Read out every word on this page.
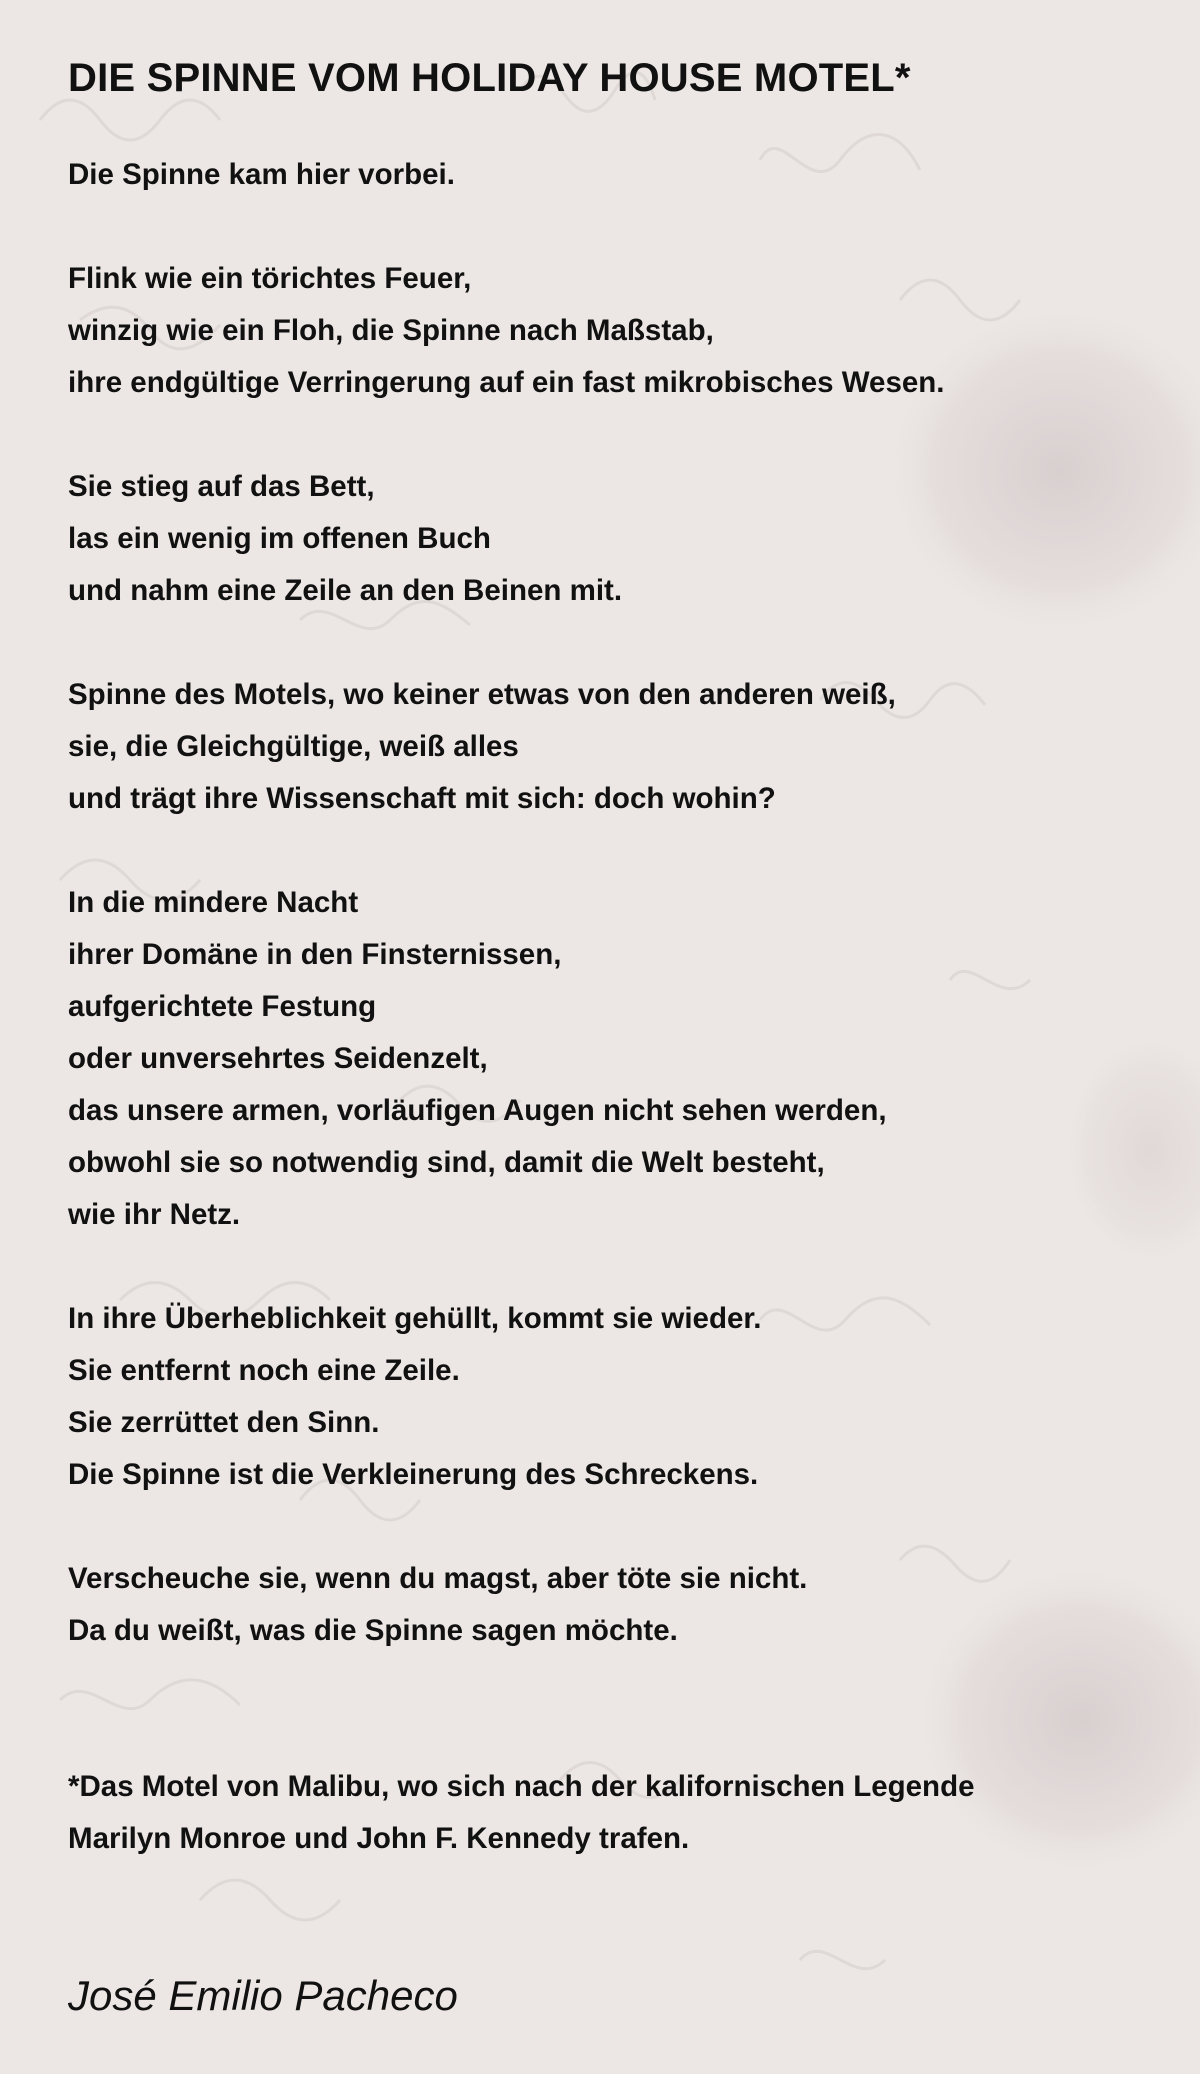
DIE SPINNE VOM HOLIDAY HOUSE MOTEL*
Die Spinne kam hier vorbei.
Flink wie ein törichtes Feuer,
winzig wie ein Floh, die Spinne nach Maßstab,
ihre endgültige Verringerung auf ein fast mikrobisches Wesen.
Sie stieg auf das Bett,
las ein wenig im offenen Buch
und nahm eine Zeile an den Beinen mit.
Spinne des Motels, wo keiner etwas von den anderen weiß,
sie, die Gleichgültige, weiß alles
und trägt ihre Wissenschaft mit sich: doch wohin?
In die mindere Nacht
ihrer Domäne in den Finsternissen,
aufgerichtete Festung
oder unversehrtes Seidenzelt,
das unsere armen, vorläufigen Augen nicht sehen werden,
obwohl sie so notwendig sind, damit die Welt besteht,
wie ihr Netz.
In ihre Überheblichkeit gehüllt, kommt sie wieder.
Sie entfernt noch eine Zeile.
Sie zerrüttet den Sinn.
Die Spinne ist die Verkleinerung des Schreckens.
Verscheuche sie, wenn du magst, aber töte sie nicht.
Da du weißt, was die Spinne sagen möchte.
*Das Motel von Malibu, wo sich nach der kalifornischen Legende
Marilyn Monroe und John F. Kennedy trafen.
José Emilio Pacheco
